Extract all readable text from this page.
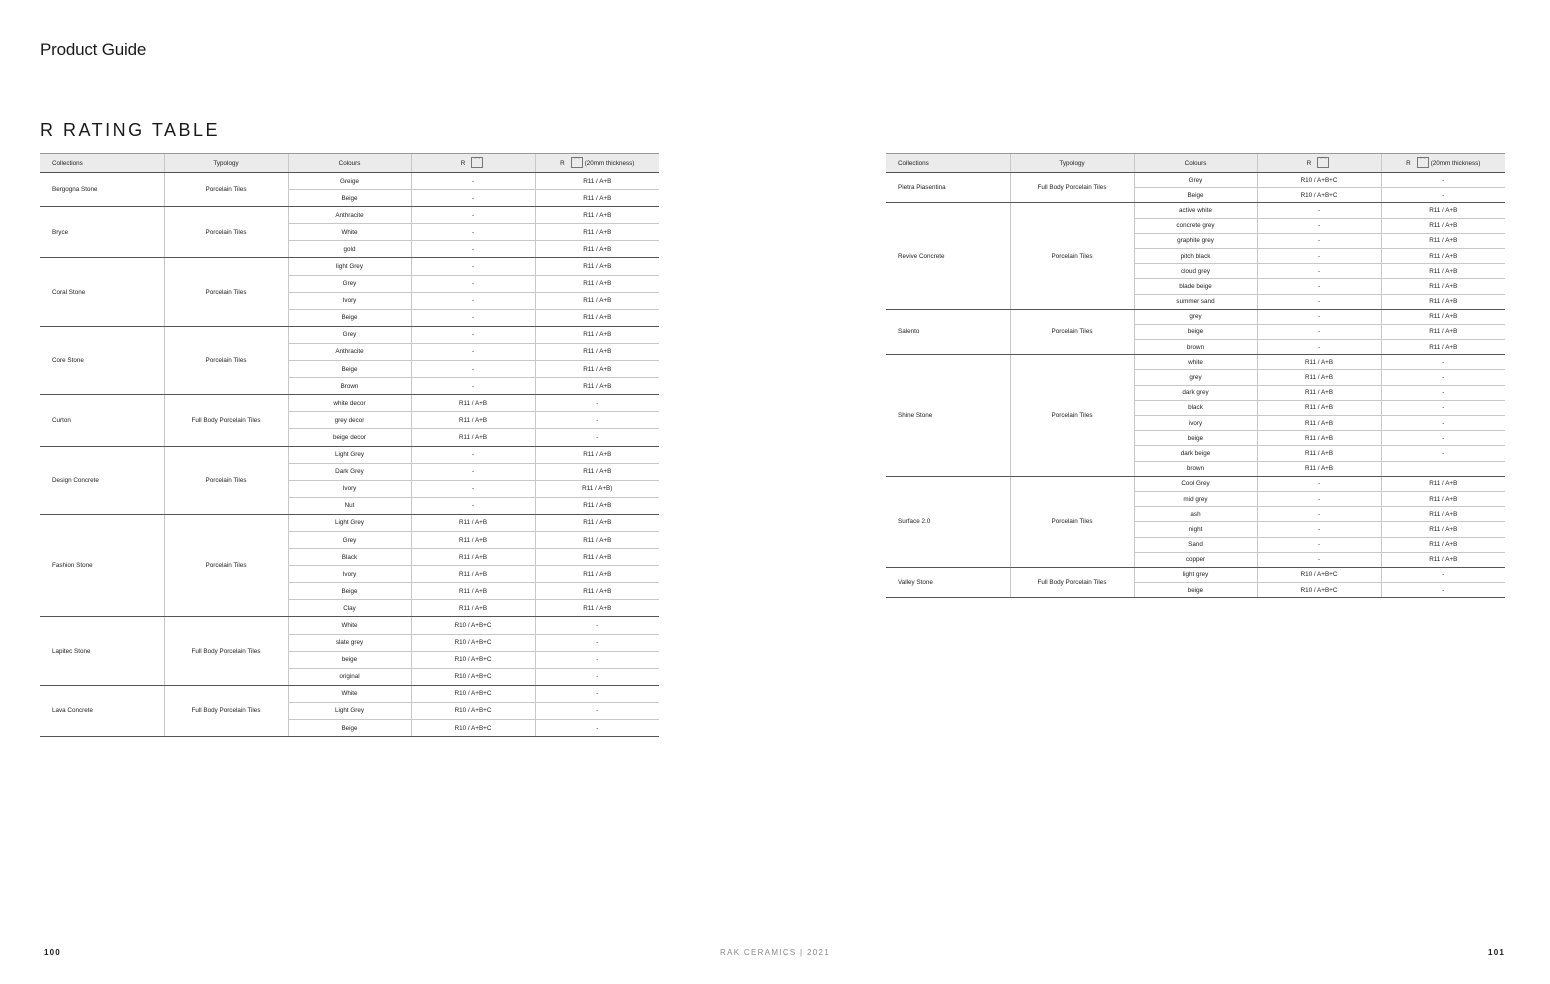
Product Guide
R RATING TABLE
Collections	Typology	Colours	R ⌒	R ⌒ (20mm thickness)
Bergogna Stone	Porcelain Tiles	Greige	-	R11 / A+B
		Beige	-	R11 / A+B
Bryce	Porcelain Tiles	Anthracite	-	R11 / A+B
		White	-	R11 / A+B
		gold	-	R11 / A+B
Coral Stone	Porcelain Tiles	light Grey	-	R11 / A+B
		Grey	-	R11 / A+B
		Ivory	-	R11 / A+B
		Beige	-	R11 / A+B
Core Stone	Porcelain Tiles	Grey	-	R11 / A+B
		Anthracite	-	R11 / A+B
		Beige	-	R11 / A+B
		Brown	-	R11 / A+B
Curton	Full Body Porcelain Tiles	white decor	R11 / A+B	-
		grey decor	R11 / A+B	-
		beige decor	R11 / A+B	-
Design Concrete	Porcelain Tiles	Light Grey	-	R11 / A+B
		Dark Grey	-	R11 / A+B
		Ivory	-	R11 / A+B)
		Nut	-	R11 / A+B
Fashion Stone	Porcelain Tiles	Light Grey	R11 / A+B	R11 / A+B
		Grey	R11 / A+B	R11 / A+B
		Black	R11 / A+B	R11 / A+B
		Ivory	R11 / A+B	R11 / A+B
		Beige	R11 / A+B	R11 / A+B
		Clay	R11 / A+B	R11 / A+B
Lapitec Stone	Full Body Porcelain Tiles	White	R10 / A+B+C	-
		slate grey	R10 / A+B+C	-
		beige	R10 / A+B+C	-
		original	R10 / A+B+C	-
Lava Concrete	Full Body Porcelain Tiles	White	R10 / A+B+C	-
		Light Grey	R10 / A+B+C	-
		Beige	R10 / A+B+C	-
Collections	Typology	Colours	R ⌒	R ⌒ (20mm thickness)
Pietra Piasentina	Full Body Porcelain Tiles	Grey	R10 / A+B+C	-
		Beige	R10 / A+B+C	-
Revive Concrete	Porcelain Tiles	active white	-	R11 / A+B
		concrete grey	-	R11 / A+B
		graphite grey	-	R11 / A+B
		pitch black	-	R11 / A+B
		cloud grey	-	R11 / A+B
		blade beige	-	R11 / A+B
		summer sand	-	R11 / A+B
Salento	Porcelain Tiles	grey	-	R11 / A+B
		beige	-	R11 / A+B
		brown	-	R11 / A+B
Shine Stone	Porcelain Tiles	white	R11 / A+B	-
		grey	R11 / A+B	-
		dark grey	R11 / A+B	-
		black	R11 / A+B	-
		ivory	R11 / A+B	-
		beige	R11 / A+B	-
		dark beige	R11 / A+B	-
		brown	R11 / A+B	
Surface 2.0	Porcelain Tiles	Cool Grey	-	R11 / A+B
		mid grey	-	R11 / A+B
		ash	-	R11 / A+B
		night	-	R11 / A+B
		Sand	-	R11 / A+B
		copper	-	R11 / A+B
Valley Stone	Full Body Porcelain Tiles	light grey	R10 / A+B+C	-
		beige	R10 / A+B+C	-
100	RAK CERAMICS | 2021	101
